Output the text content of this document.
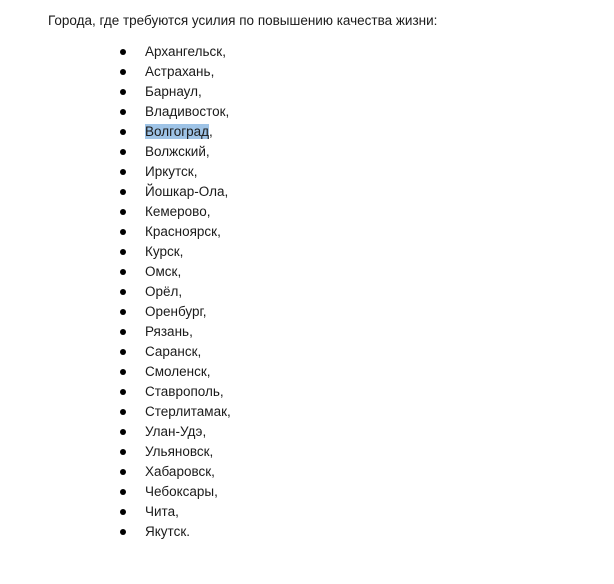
Города, где требуются усилия по повышению качества жизни:
Архангельск,
Астрахань,
Барнаул,
Владивосток,
Волгоград,
Волжский,
Иркутск,
Йошкар-Ола,
Кемерово,
Красноярск,
Курск,
Омск,
Орёл,
Оренбург,
Рязань,
Саранск,
Смоленск,
Ставрополь,
Стерлитамак,
Улан-Удэ,
Ульяновск,
Хабаровск,
Чебоксары,
Чита,
Якутск.
